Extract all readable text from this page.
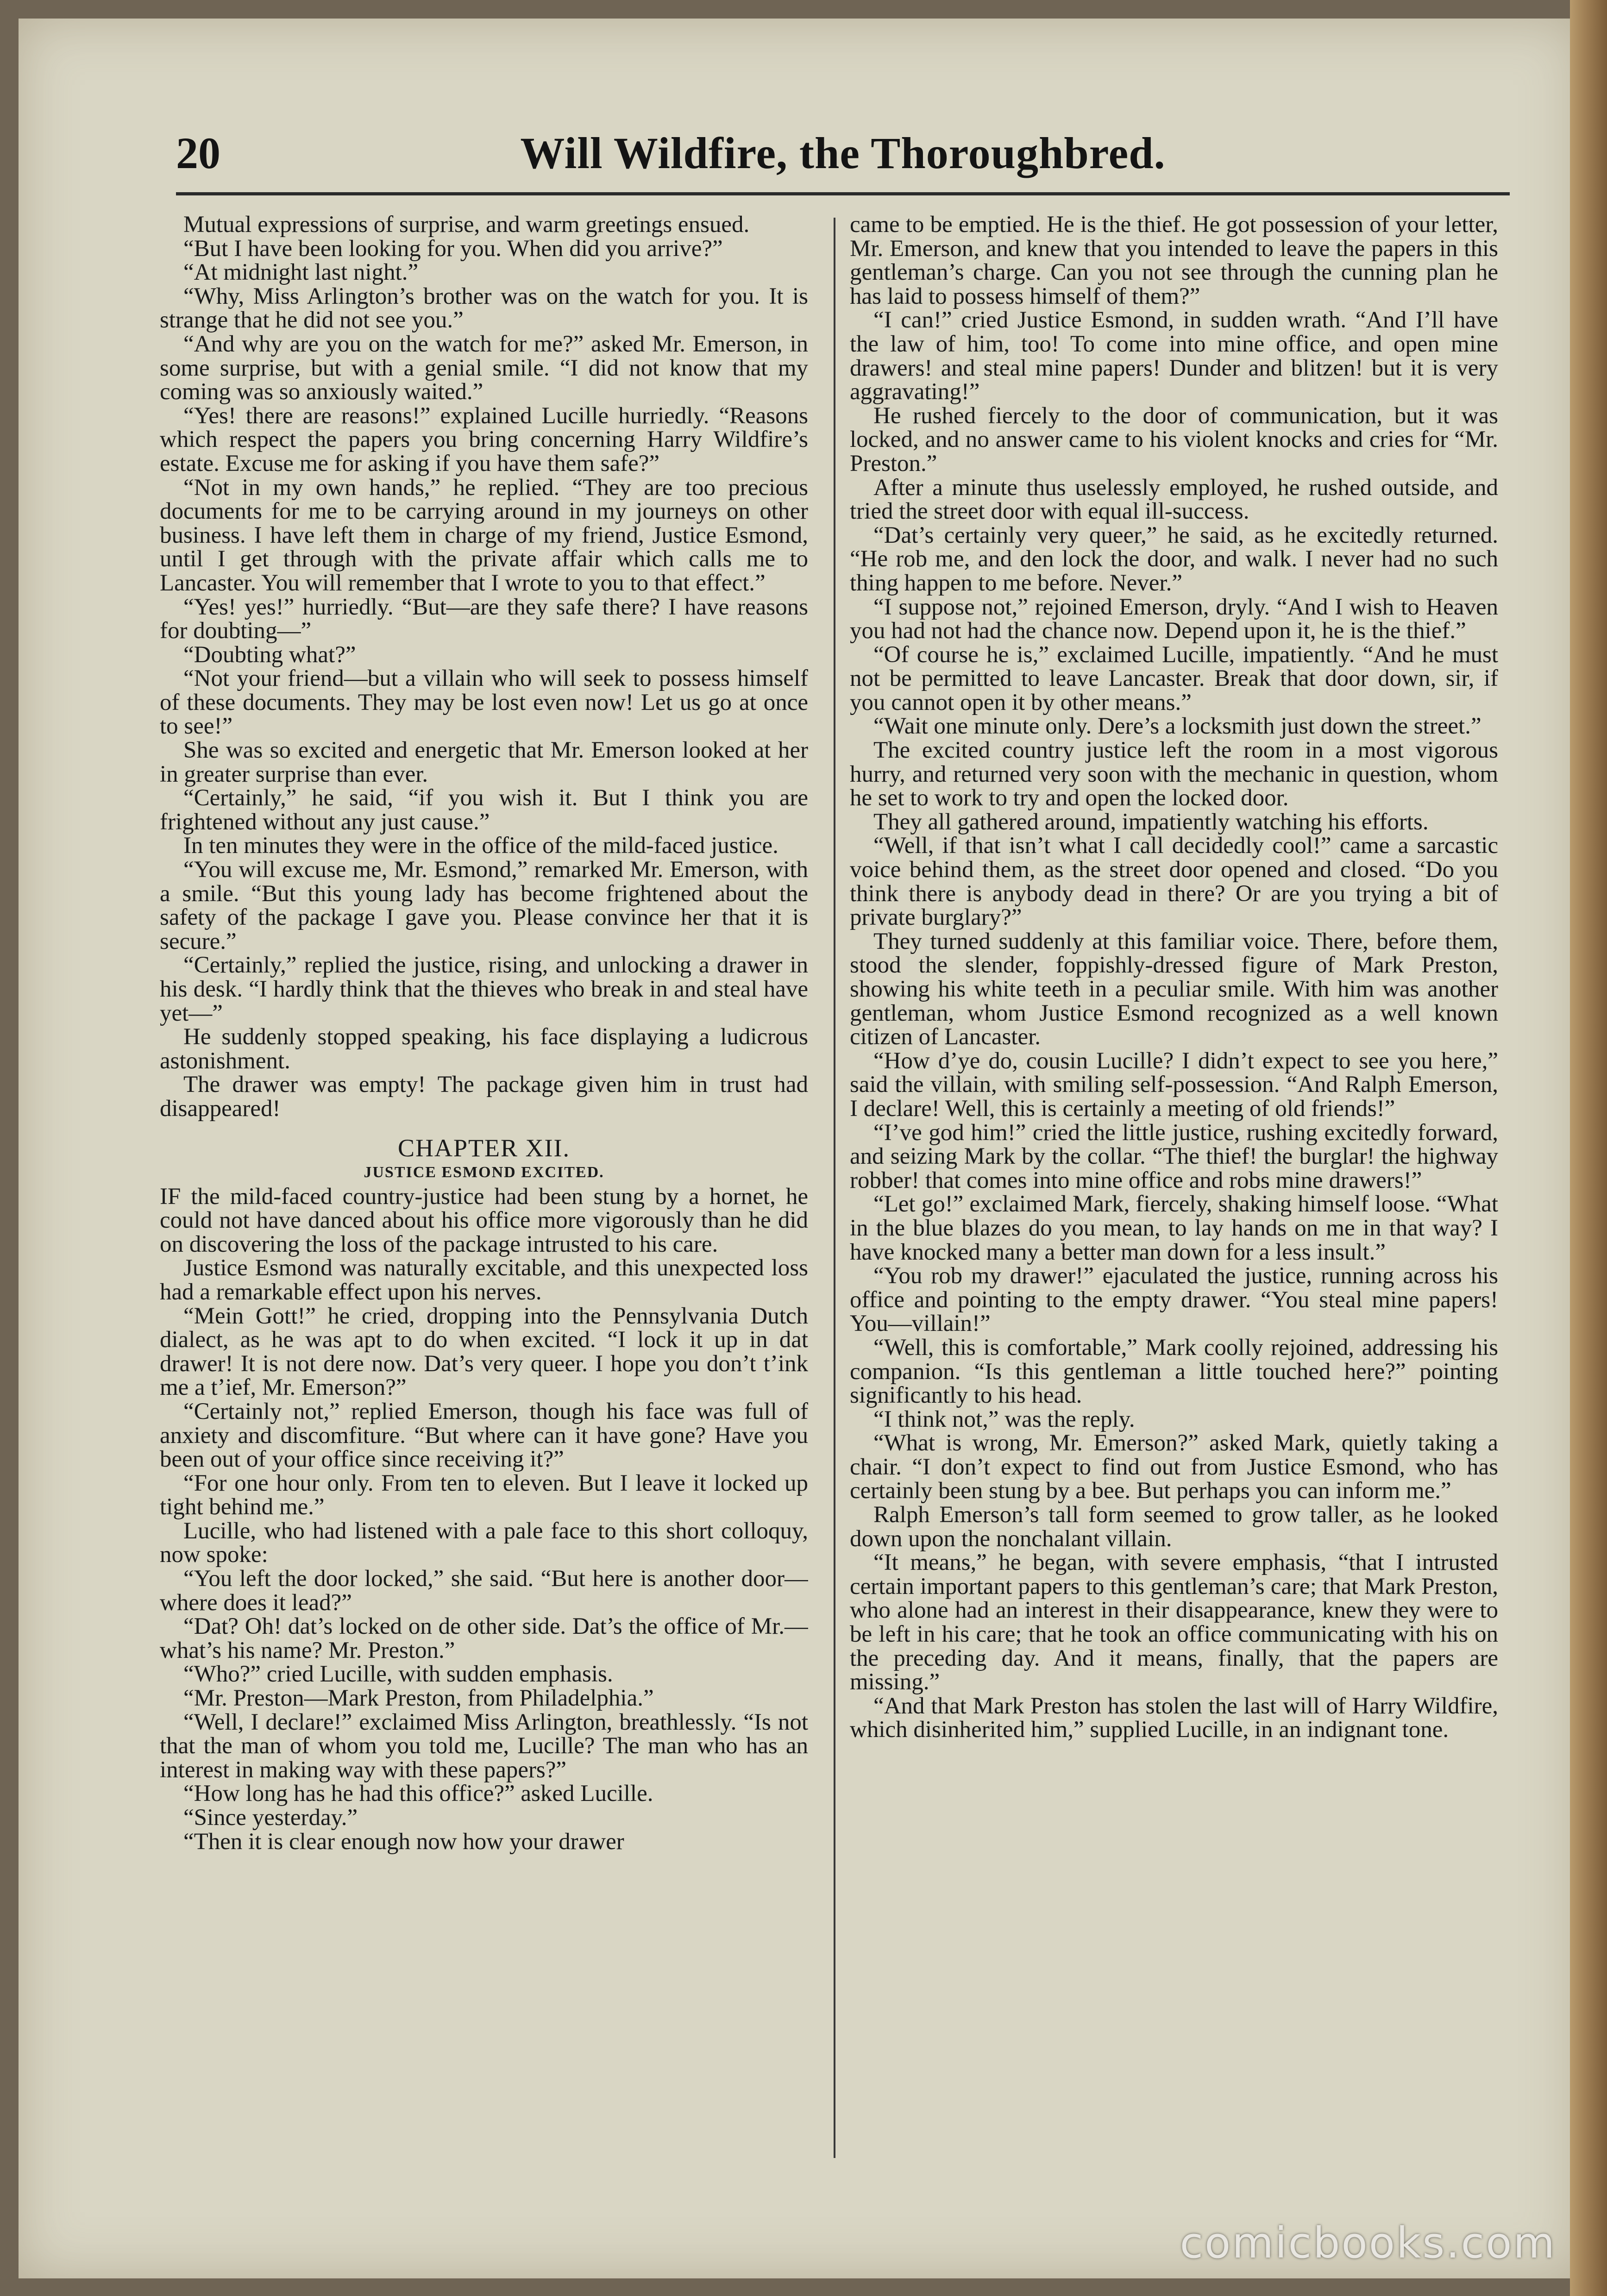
20	Will Wildfire, the Thoroughbred.

Mutual expressions of surprise, and warm greetings ensued.

“But I have been looking for you. When did you arrive?”

“At midnight last night.”

“Why, Miss Arlington’s brother was on the watch for you. It is strange that he did not see you.”

“And why are you on the watch for me?” asked Mr. Emerson, in some surprise, but with a genial smile. “I did not know that my coming was so anxiously waited.”

“Yes! there are reasons!” explained Lucille hurriedly. “Reasons which respect the papers you bring concerning Harry Wildfire’s estate. Excuse me for asking if you have them safe?”

“Not in my own hands,” he replied. “They are too precious documents for me to be carrying around in my journeys on other business. I have left them in charge of my friend, Justice Esmond, until I get through with the private affair which calls me to Lancaster. You will remember that I wrote to you to that effect.”

“Yes! yes!” hurriedly. “But—are they safe there? I have reasons for doubting—”

“Doubting what?”

“Not your friend—but a villain who will seek to possess himself of these documents. They may be lost even now! Let us go at once to see!”

She was so excited and energetic that Mr. Emerson looked at her in greater surprise than ever.

“Certainly,” he said, “if you wish it. But I think you are frightened without any just cause.”

In ten minutes they were in the office of the mild-faced justice.

“You will excuse me, Mr. Esmond,” remarked Mr. Emerson, with a smile. “But this young lady has become frightened about the safety of the package I gave you. Please convince her that it is secure.”

“Certainly,” replied the justice, rising, and unlocking a drawer in his desk. “I hardly think that the thieves who break in and steal have yet—”

He suddenly stopped speaking, his face displaying a ludicrous astonishment.

The drawer was empty! The package given him in trust had disappeared!

CHAPTER XII.

JUSTICE ESMOND EXCITED.

IF the mild-faced country-justice had been stung by a hornet, he could not have danced about his office more vigorously than he did on discovering the loss of the package intrusted to his care.

Justice Esmond was naturally excitable, and this unexpected loss had a remarkable effect upon his nerves.

“Mein Gott!” he cried, dropping into the Pennsylvania Dutch dialect, as he was apt to do when excited. “I lock it up in dat drawer! It is not dere now. Dat’s very queer. I hope you don’t t’ink me a t’ief, Mr. Emerson?”

“Certainly not,” replied Emerson, though his face was full of anxiety and discomfiture. “But where can it have gone? Have you been out of your office since receiving it?”

“For one hour only. From ten to eleven. But I leave it locked up tight behind me.”

Lucille, who had listened with a pale face to this short colloquy, now spoke:

“You left the door locked,” she said. “But here is another door—where does it lead?”

“Dat? Oh! dat’s locked on de other side. Dat’s the office of Mr.—what’s his name? Mr. Preston.”

“Who?” cried Lucille, with sudden emphasis.

“Mr. Preston—Mark Preston, from Philadelphia.”

“Well, I declare!” exclaimed Miss Arlington, breathlessly. “Is not that the man of whom you told me, Lucille? The man who has an interest in making way with these papers?”

“How long has he had this office?” asked Lucille.

“Since yesterday.”

“Then it is clear enough now how your drawer

came to be emptied. He is the thief. He got possession of your letter, Mr. Emerson, and knew that you intended to leave the papers in this gentleman’s charge. Can you not see through the cunning plan he has laid to possess himself of them?”

“I can!” cried Justice Esmond, in sudden wrath. “And I’ll have the law of him, too! To come into mine office, and open mine drawers! and steal mine papers! Dunder and blitzen! but it is very aggravating!”

He rushed fiercely to the door of communication, but it was locked, and no answer came to his violent knocks and cries for “Mr. Preston.”

After a minute thus uselessly employed, he rushed outside, and tried the street door with equal ill-success.

“Dat’s certainly very queer,” he said, as he excitedly returned. “He rob me, and den lock the door, and walk. I never had no such thing happen to me before. Never.”

“I suppose not,” rejoined Emerson, dryly. “And I wish to Heaven you had not had the chance now. Depend upon it, he is the thief.”

“Of course he is,” exclaimed Lucille, impatiently. “And he must not be permitted to leave Lancaster. Break that door down, sir, if you cannot open it by other means.”

“Wait one minute only. Dere’s a locksmith just down the street.”

The excited country justice left the room in a most vigorous hurry, and returned very soon with the mechanic in question, whom he set to work to try and open the locked door.

They all gathered around, impatiently watching his efforts.

“Well, if that isn’t what I call decidedly cool!” came a sarcastic voice behind them, as the street door opened and closed. “Do you think there is anybody dead in there? Or are you trying a bit of private burglary?”

They turned suddenly at this familiar voice. There, before them, stood the slender, foppishly-dressed figure of Mark Preston, showing his white teeth in a peculiar smile. With him was another gentleman, whom Justice Esmond recognized as a well known citizen of Lancaster.

“How d’ye do, cousin Lucille? I didn’t expect to see you here,” said the villain, with smiling self-possession. “And Ralph Emerson, I declare! Well, this is certainly a meeting of old friends!”

“I’ve god him!” cried the little justice, rushing excitedly forward, and seizing Mark by the collar. “The thief! the burglar! the highway robber! that comes into mine office and robs mine drawers!”

“Let go!” exclaimed Mark, fiercely, shaking himself loose. “What in the blue blazes do you mean, to lay hands on me in that way? I have knocked many a better man down for a less insult.”

“You rob my drawer!” ejaculated the justice, running across his office and pointing to the empty drawer. “You steal mine papers! You—villain!”

“Well, this is comfortable,” Mark coolly rejoined, addressing his companion. “Is this gentleman a little touched here?” pointing significantly to his head.

“I think not,” was the reply.

“What is wrong, Mr. Emerson?” asked Mark, quietly taking a chair. “I don’t expect to find out from Justice Esmond, who has certainly been stung by a bee. But perhaps you can inform me.”

Ralph Emerson’s tall form seemed to grow taller, as he looked down upon the nonchalant villain.

“It means,” he began, with severe emphasis, “that I intrusted certain important papers to this gentleman’s care; that Mark Preston, who alone had an interest in their disappearance, knew they were to be left in his care; that he took an office communicating with his on the preceding day. And it means, finally, that the papers are missing.”

“And that Mark Preston has stolen the last will of Harry Wildfire, which disinherited him,” supplied Lucille, in an indignant tone.

comicbooks.com
